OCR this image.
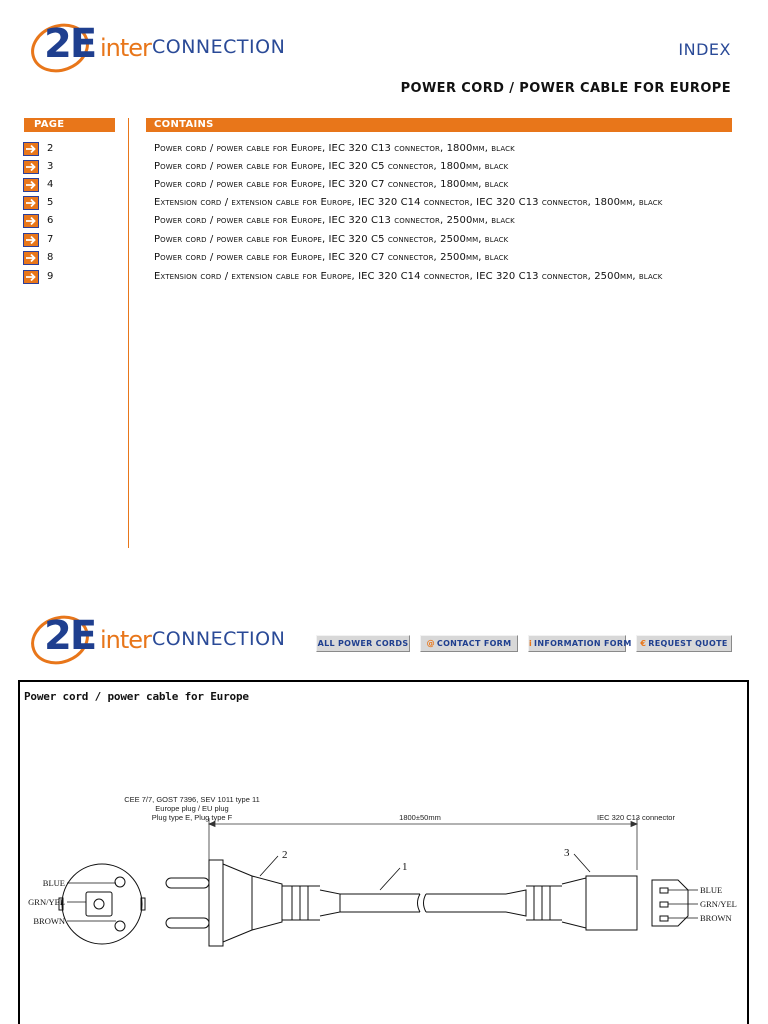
2E inter CONNECTION	INDEX
POWER CORD / POWER CABLE FOR EUROPE
PAGE	CONTAINS
2	Power cord / power cable for Europe, IEC 320 C13 connector, 1800mm, black
3	Power cord / power cable for Europe, IEC 320 C5 connector, 1800mm, black
4	Power cord / power cable for Europe, IEC 320 C7 connector, 1800mm, black
5	Extension cord / extension cable for Europe, IEC 320 C14 connector, IEC 320 C13 connector, 1800mm, black
6	Power cord / power cable for Europe, IEC 320 C13 connector, 2500mm, black
7	Power cord / power cable for Europe, IEC 320 C5 connector, 2500mm, black
8	Power cord / power cable for Europe, IEC 320 C7 connector, 2500mm, black
9	Extension cord / extension cable for Europe, IEC 320 C14 connector, IEC 320 C13 connector, 2500mm, black
2E inter CONNECTION	ALL POWER CORDS	@ CONTACT FORM	i INFORMATION FORM	€ REQUEST QUOTE
Power cord / power cable for Europe
CEE 7/7, GOST 7396, SEV 1011 type 11
Europe plug / EU plug
Plug type E, Plug type F	1800±50mm	IEC 320 C13 connector
BLUE
GRN/YEL
BROWN
2
1
3
BLUE
GRN/YEL
BROWN
